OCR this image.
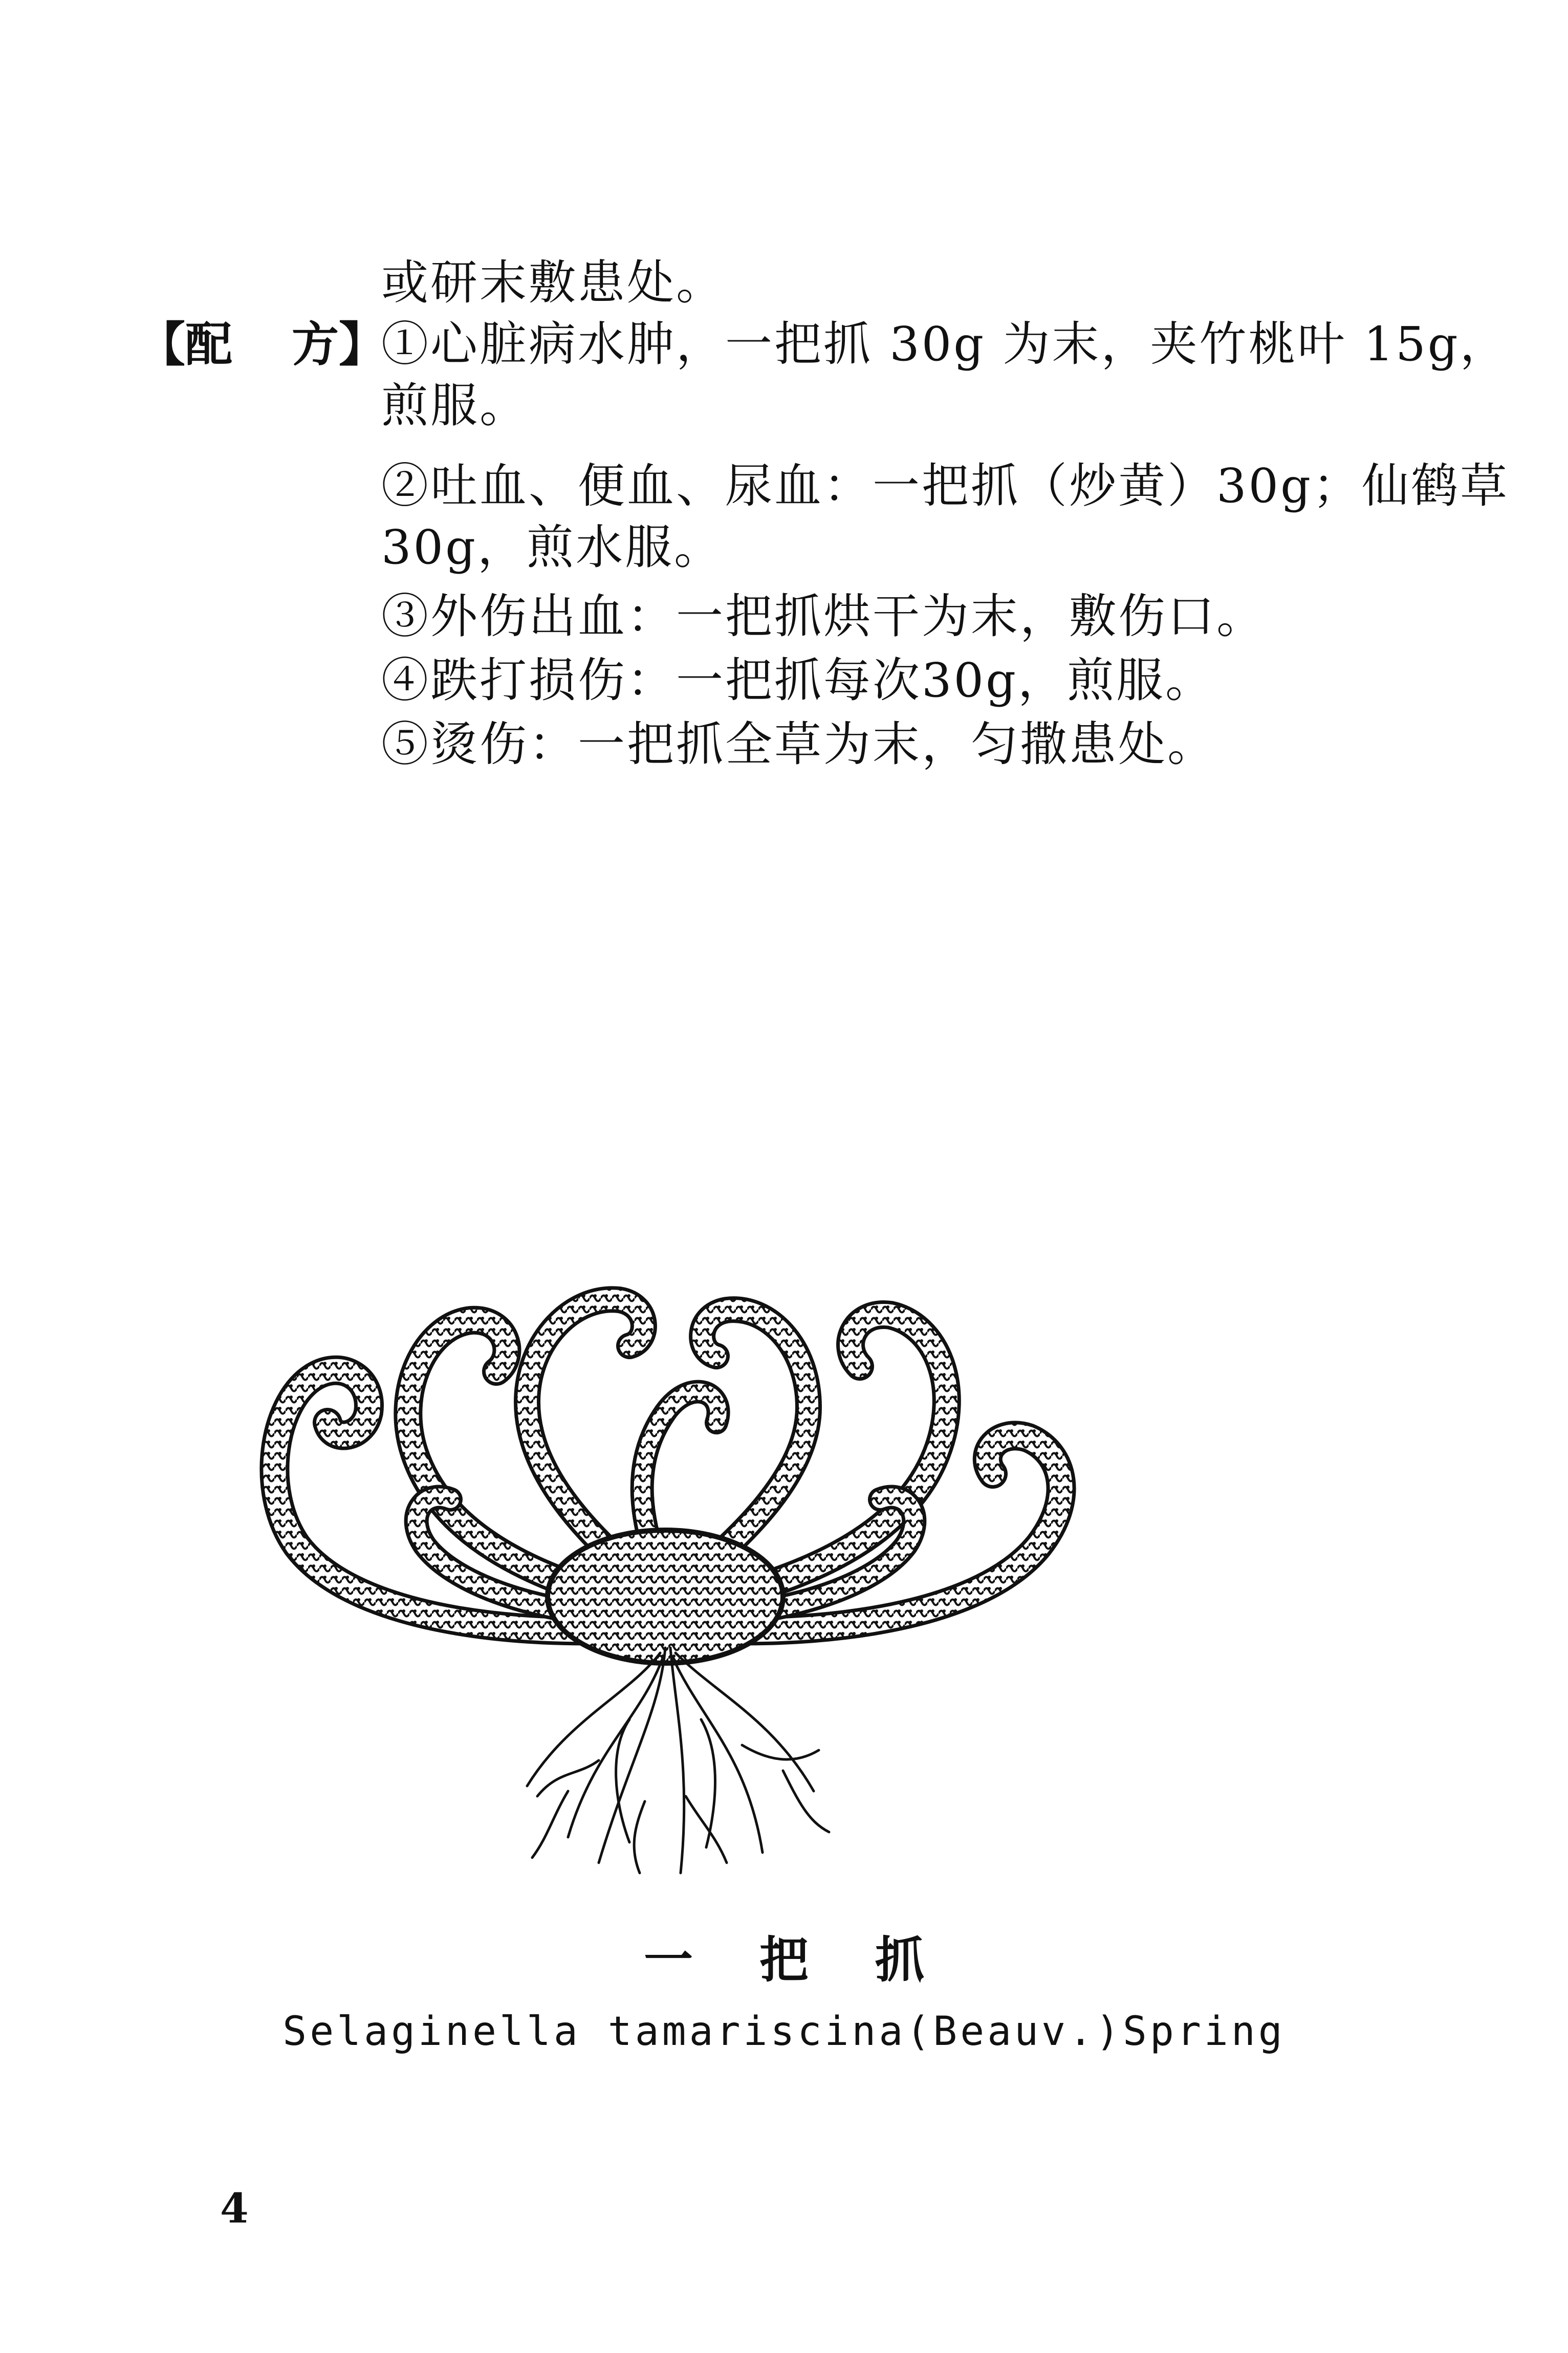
或研末敷患处。
【配 方】
①心脏病水肿，一把抓 30g 为末，夹竹桃叶 15g，
煎服。
②吐血、便血、尿血：一把抓（炒黄）30g；仙鹤草
30g，煎水服。
③外伤出血：一把抓烘干为末，敷伤口。
④跌打损伤：一把抓每次30g，煎服。
⑤烫伤：一把抓全草为末，匀撒患处。
一把抓
Selaginella tamariscina(Beauv.)Spring
4
